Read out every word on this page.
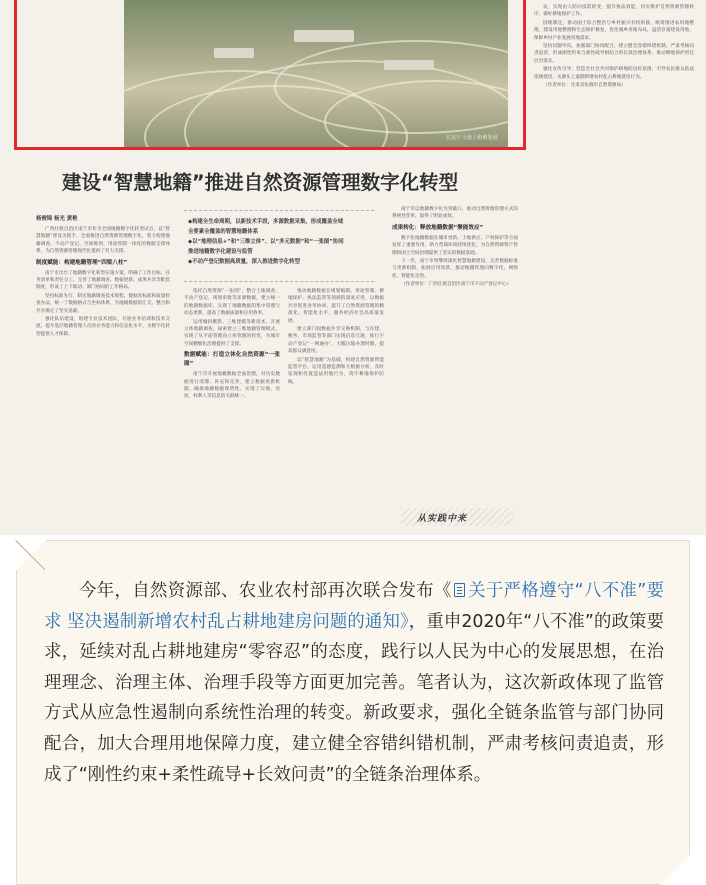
在这片土地上和谐发展
建设“智慧地籍”推进自然资源管理数字化转型
杨俊锦 杨光 黄艳	◆构建全生命周期，以新技术手段，多源数据采集，形成覆盖全域
全要素全覆盖的智慧地籍体系
◆以“地理信息+”和“三维立体”、以“多元数据”和“一张图”协同
推进地籍数字化建设与监管
◆不动产登记数据高质量，深入推进数字化转型

广西壮族自治区南宁市作为全国地籍数字化转型试点，以“智慧地籍”建设为抓手，全面推进自然资源管理数字化，着力构建地籍调查、不动产登记、空间规划、用途管制一体化的数据支撑体系，为自然资源管理现代化提供了有力支撑。

制度赋能：构建地籍管理“四梁八柱”

南宁市出台了地籍数字化转型实施方案，明确了工作目标、任务清单和责任分工，完善了地籍调查、数据更新、成果共享等配套制度，形成了上下联动、部门协同的工作格局。

坚持标准先行，制定地籍调查技术规程、数据库标准和质量检查办法，统一了数据格式与坐标体系，为地籍数据的汇交、整合和共享奠定了坚实基础。

强化队伍建设，组建专业技术团队，开展业务培训和技术交流，提升基层地籍管理人员的业务能力和信息化水平，为数字化转型提供人才保障。

依托自然资源“一张图”，整合土地调查、不动产登记、规划审批等多源数据，建立统一的地籍数据库，实现了地籍数据的集中管理与动态更新，提高了数据质量和应用效率。

运用倾斜摄影、三维建模等新技术，开展立体地籍调查，探索建立三维地籍管理模式，实现了从平面管理向立体管理的转变，为城市空间精细化治理提供了支撑。

数据赋能：打造立体化自然资源“一张图”

南宁市开展地籍数据全面治理，对历史数据进行清理、补充和完善，建立数据更新机制，确保地籍数据现势性，实现了宗地、房屋、权利人等信息的关联统一。

推动地籍数据在规划编制、用途管制、耕地保护、执法监管等领域的深度应用，以数据共享促进业务协同，提升了自然资源管理的精准化、智能化水平，服务经济社会高质量发展。

建立部门间数据共享交换机制，与住建、税务、市场监管等部门实现信息互通，推行不动产登记“一网通办”，大幅压缩办理时限，提高群众满意度。

以“智慧地籍”为基础，构建自然资源智能监管平台，运用遥感监测和大数据分析，及时发现和处置违法用地行为，筑牢耕地保护防线。

南宁市以地籍数字化为突破口，推动自然资源管理方式的系统性变革，取得了明显成效。

成果转化：释放地籍数据“聚能效应”

数字化地籍数据在城市更新、土地供应、产权保护等方面发挥了重要作用，助力营商环境持续优化，为自然资源资产管理和国土空间治理提供了坚实的数据基础。

下一步，南宁市将继续深化智慧地籍建设，完善数据标准与更新机制，拓展应用场景，推动地籍管理向数字化、网络化、智能化迈进。

（作者单位：广西壮族自治区南宁市不动产登记中心）

发，实现由人防向技防转变，提升执法效能，切实维护自然资源管理秩序，做好耕地保护工作。

因地制宜，推动国土综合整治与乡村振兴有机衔接，统筹推进农用地整理、建设用地整理和生态保护修复，优化城乡用地布局，盘活存量建设用地，保障乡村产业发展用地需求。

坚持问题导向，加强部门协同配合，建立健全容错纠错机制，严肃考核问责追责，形成刚性约束与柔性疏导相结合的长效治理体系，推动耕地保护责任层层落实。

强化宣传引导，营造全社会共同保护耕地的良好氛围，引导农民群众依法依规建房，从源头上遏制新增农村乱占耕地建房行为。

（作者单位：甘肃省张掖市自然资源局）

从实践中来

今年，自然资源部、农业农村部再次联合发布《 关于严格遵守“八不准”要求 坚决遏制新增农村乱占耕地建房问题的通知》，重申2020年“八不准”的政策要求，延续对乱占耕地建房“零容忍”的态度，践行以人民为中心的发展思想，在治理理念、治理主体、治理手段等方面更加完善。笔者认为，这次新政体现了监管方式从应急性遏制向系统性治理的转变。新政要求，强化全链条监管与部门协同配合，加大合理用地保障力度，建立健全容错纠错机制，严肃考核问责追责，形成了“刚性约束+柔性疏导+长效问责”的全链条治理体系。
